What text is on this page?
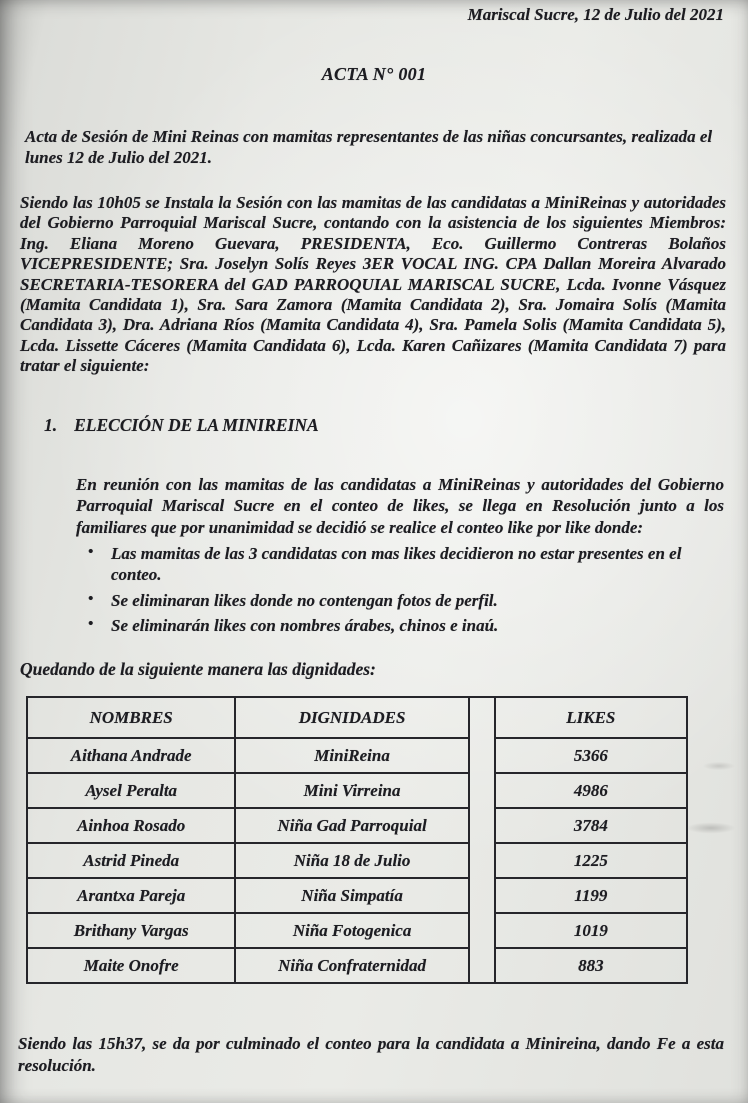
Mariscal Sucre, 12 de Julio del 2021
ACTA N° 001

Acta de Sesión de Mini Reinas con mamitas representantes de las niñas concursantes, realizada el lunes 12 de Julio del 2021.

Siendo las 10h05 se Instala la Sesión con las mamitas de las candidatas a MiniReinas y autoridades del Gobierno Parroquial Mariscal Sucre, contando con la asistencia de los siguientes Miembros: Ing. Eliana Moreno Guevara, PRESIDENTA, Eco. Guillermo Contreras Bolaños VICEPRESIDENTE; Sra. Joselyn Solís Reyes 3ER VOCAL ING. CPA Dallan Moreira Alvarado SECRETARIA-TESORERA del GAD PARROQUIAL MARISCAL SUCRE, Lcda. Ivonne Vásquez (Mamita Candidata 1), Sra. Sara Zamora (Mamita Candidata 2), Sra. Jomaira Solís (Mamita Candidata 3), Dra. Adriana Ríos (Mamita Candidata 4), Sra. Pamela Solis (Mamita Candidata 5), Lcda. Lissette Cáceres (Mamita Candidata 6), Lcda. Karen Cañizares (Mamita Candidata 7) para tratar el siguiente:

1. ELECCIÓN DE LA MINIREINA

En reunión con las mamitas de las candidatas a MiniReinas y autoridades del Gobierno Parroquial Mariscal Sucre en el conteo de likes, se llega en Resolución junto a los familiares que por unanimidad se decidió se realice el conteo like por like donde:

• Las mamitas de las 3 candidatas con mas likes decidieron no estar presentes en el conteo.
• Se eliminaran likes donde no contengan fotos de perfil.
• Se eliminarán likes con nombres árabes, chinos e inaú.
Quedando de la siguiente manera las dignidades:
NOMBRES	DIGNIDADES		LIKES
Aithana Andrade	MiniReina		5366
Aysel Peralta	Mini Virreina		4986
Ainhoa Rosado	Niña Gad Parroquial		3784
Astrid Pineda	Niña 18 de Julio		1225
Arantxa Pareja	Niña Simpatía		1199
Brithany Vargas	Niña Fotogenica		1019
Maite Onofre	Niña Confraternidad		883

Siendo las 15h37, se da por culminado el conteo para la candidata a Minireina, dando Fe a esta resolución.
